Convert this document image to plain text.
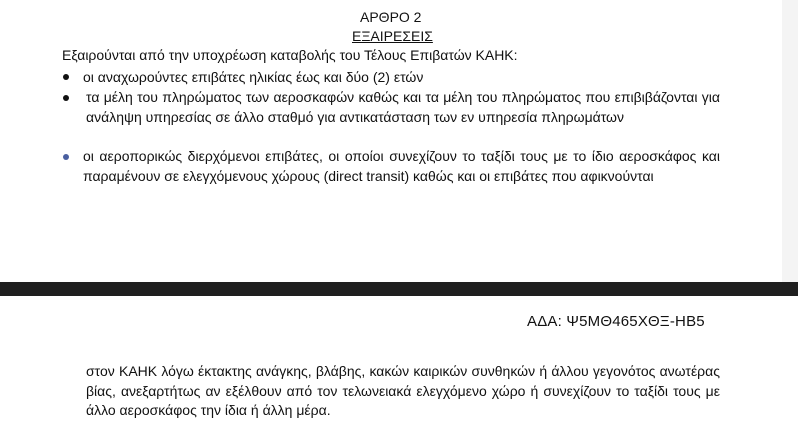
ΑΡΘΡΟ 2
ΕΞΑΙΡΕΣΕΙΣ
Εξαιρούνται από την υποχρέωση καταβολής του Τέλους Επιβατών ΚΑΗΚ:
οι αναχωρούντες επιβάτες ηλικίας έως και δύο (2) ετών
τα μέλη του πληρώματος των αεροσκαφών καθώς και τα μέλη του πληρώματος που επιβιβάζονται για ανάληψη υπηρεσίας σε άλλο σταθμό για αντικατάσταση των εν υπηρεσία πληρωμάτων
οι αεροπορικώς διερχόμενοι επιβάτες, οι οποίοι συνεχίζουν το ταξίδι τους με το ίδιο αεροσκάφος και παραμένουν σε ελεγχόμενους χώρους (direct transit) καθώς και οι επιβάτες που αφικνούνται
ΑΔΑ: Ψ5ΜΘ465ΧΘΞ-ΗΒ5
στον ΚΑΗΚ λόγω έκτακτης ανάγκης, βλάβης, κακών καιρικών συνθηκών ή άλλου γεγονότος ανωτέρας βίας, ανεξαρτήτως αν εξέλθουν από τον τελωνειακά ελεγχόμενο χώρο ή συνεχίζουν το ταξίδι τους με άλλο αεροσκάφος την ίδια ή άλλη μέρα.
